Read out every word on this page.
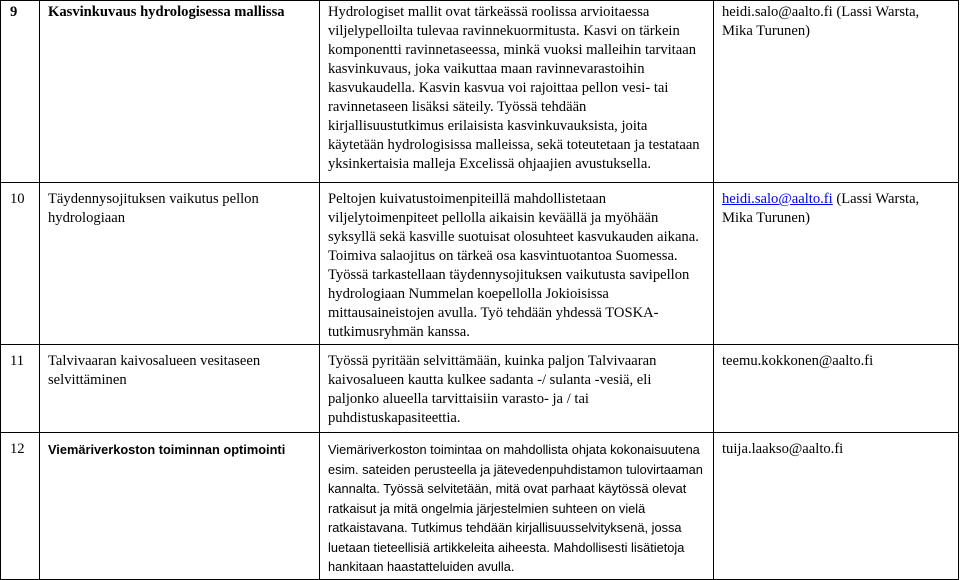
9	Kasvinkuvaus hydrologisessa mallissa	Hydrologiset mallit ovat tärkeässä roolissa arvioitaessa viljelypelloilta tulevaa ravinnekuormitusta. Kasvi on tärkein komponentti ravinnetaseessa, minkä vuoksi malleihin tarvitaan kasvinkuvaus, joka vaikuttaa maan ravinnevarastoihin kasvukaudella. Kasvin kasvua voi rajoittaa pellon vesi- tai ravinnetaseen lisäksi säteily. Työssä tehdään kirjallisuustutkimus erilaisista kasvinkuvauksista, joita käytetään hydrologisissa malleissa, sekä toteutetaan ja testataan yksinkertaisia malleja Excelissä ohjaajien avustuksella.	heidi.salo@aalto.fi (Lassi Warsta, Mika Turunen)
10	Täydennysojituksen vaikutus pellon hydrologiaan	Peltojen kuivatustoimenpiteillä mahdollistetaan viljelytoimenpiteet pellolla aikaisin keväällä ja myöhään syksyllä sekä kasville suotuisat olosuhteet kasvukauden aikana. Toimiva salaojitus on tärkeä osa kasvintuotantoa Suomessa. Työssä tarkastellaan täydennysojituksen vaikutusta savipellon hydrologiaan Nummelan koepellolla Jokioisissa mittausaineistojen avulla. Työ tehdään yhdessä TOSKA-tutkimusryhmän kanssa.	heidi.salo@aalto.fi (Lassi Warsta, Mika Turunen)
11	Talvivaaran kaivosalueen vesitaseen selvittäminen	Työssä pyritään selvittämään, kuinka paljon Talvivaaran kaivosalueen kautta kulkee sadanta -/ sulanta -vesiä, eli paljonko alueella tarvittaisiin varasto- ja / tai puhdistuskapasiteettia.	teemu.kokkonen@aalto.fi
12	Viemäriverkoston toiminnan optimointi	Viemäriverkoston toimintaa on mahdollista ohjata kokonaisuutena esim. sateiden perusteella ja jätevedenpuhdistamon tulovirtaaman kannalta. Työssä selvitetään, mitä ovat parhaat käytössä olevat ratkaisut ja mitä ongelmia järjestelmien suhteen on vielä ratkaistavana. Tutkimus tehdään kirjallisuusselvityksenä, jossa luetaan tieteellisiä artikkeleita aiheesta. Mahdollisesti lisätietoja hankitaan haastatteluiden avulla.	tuija.laakso@aalto.fi
